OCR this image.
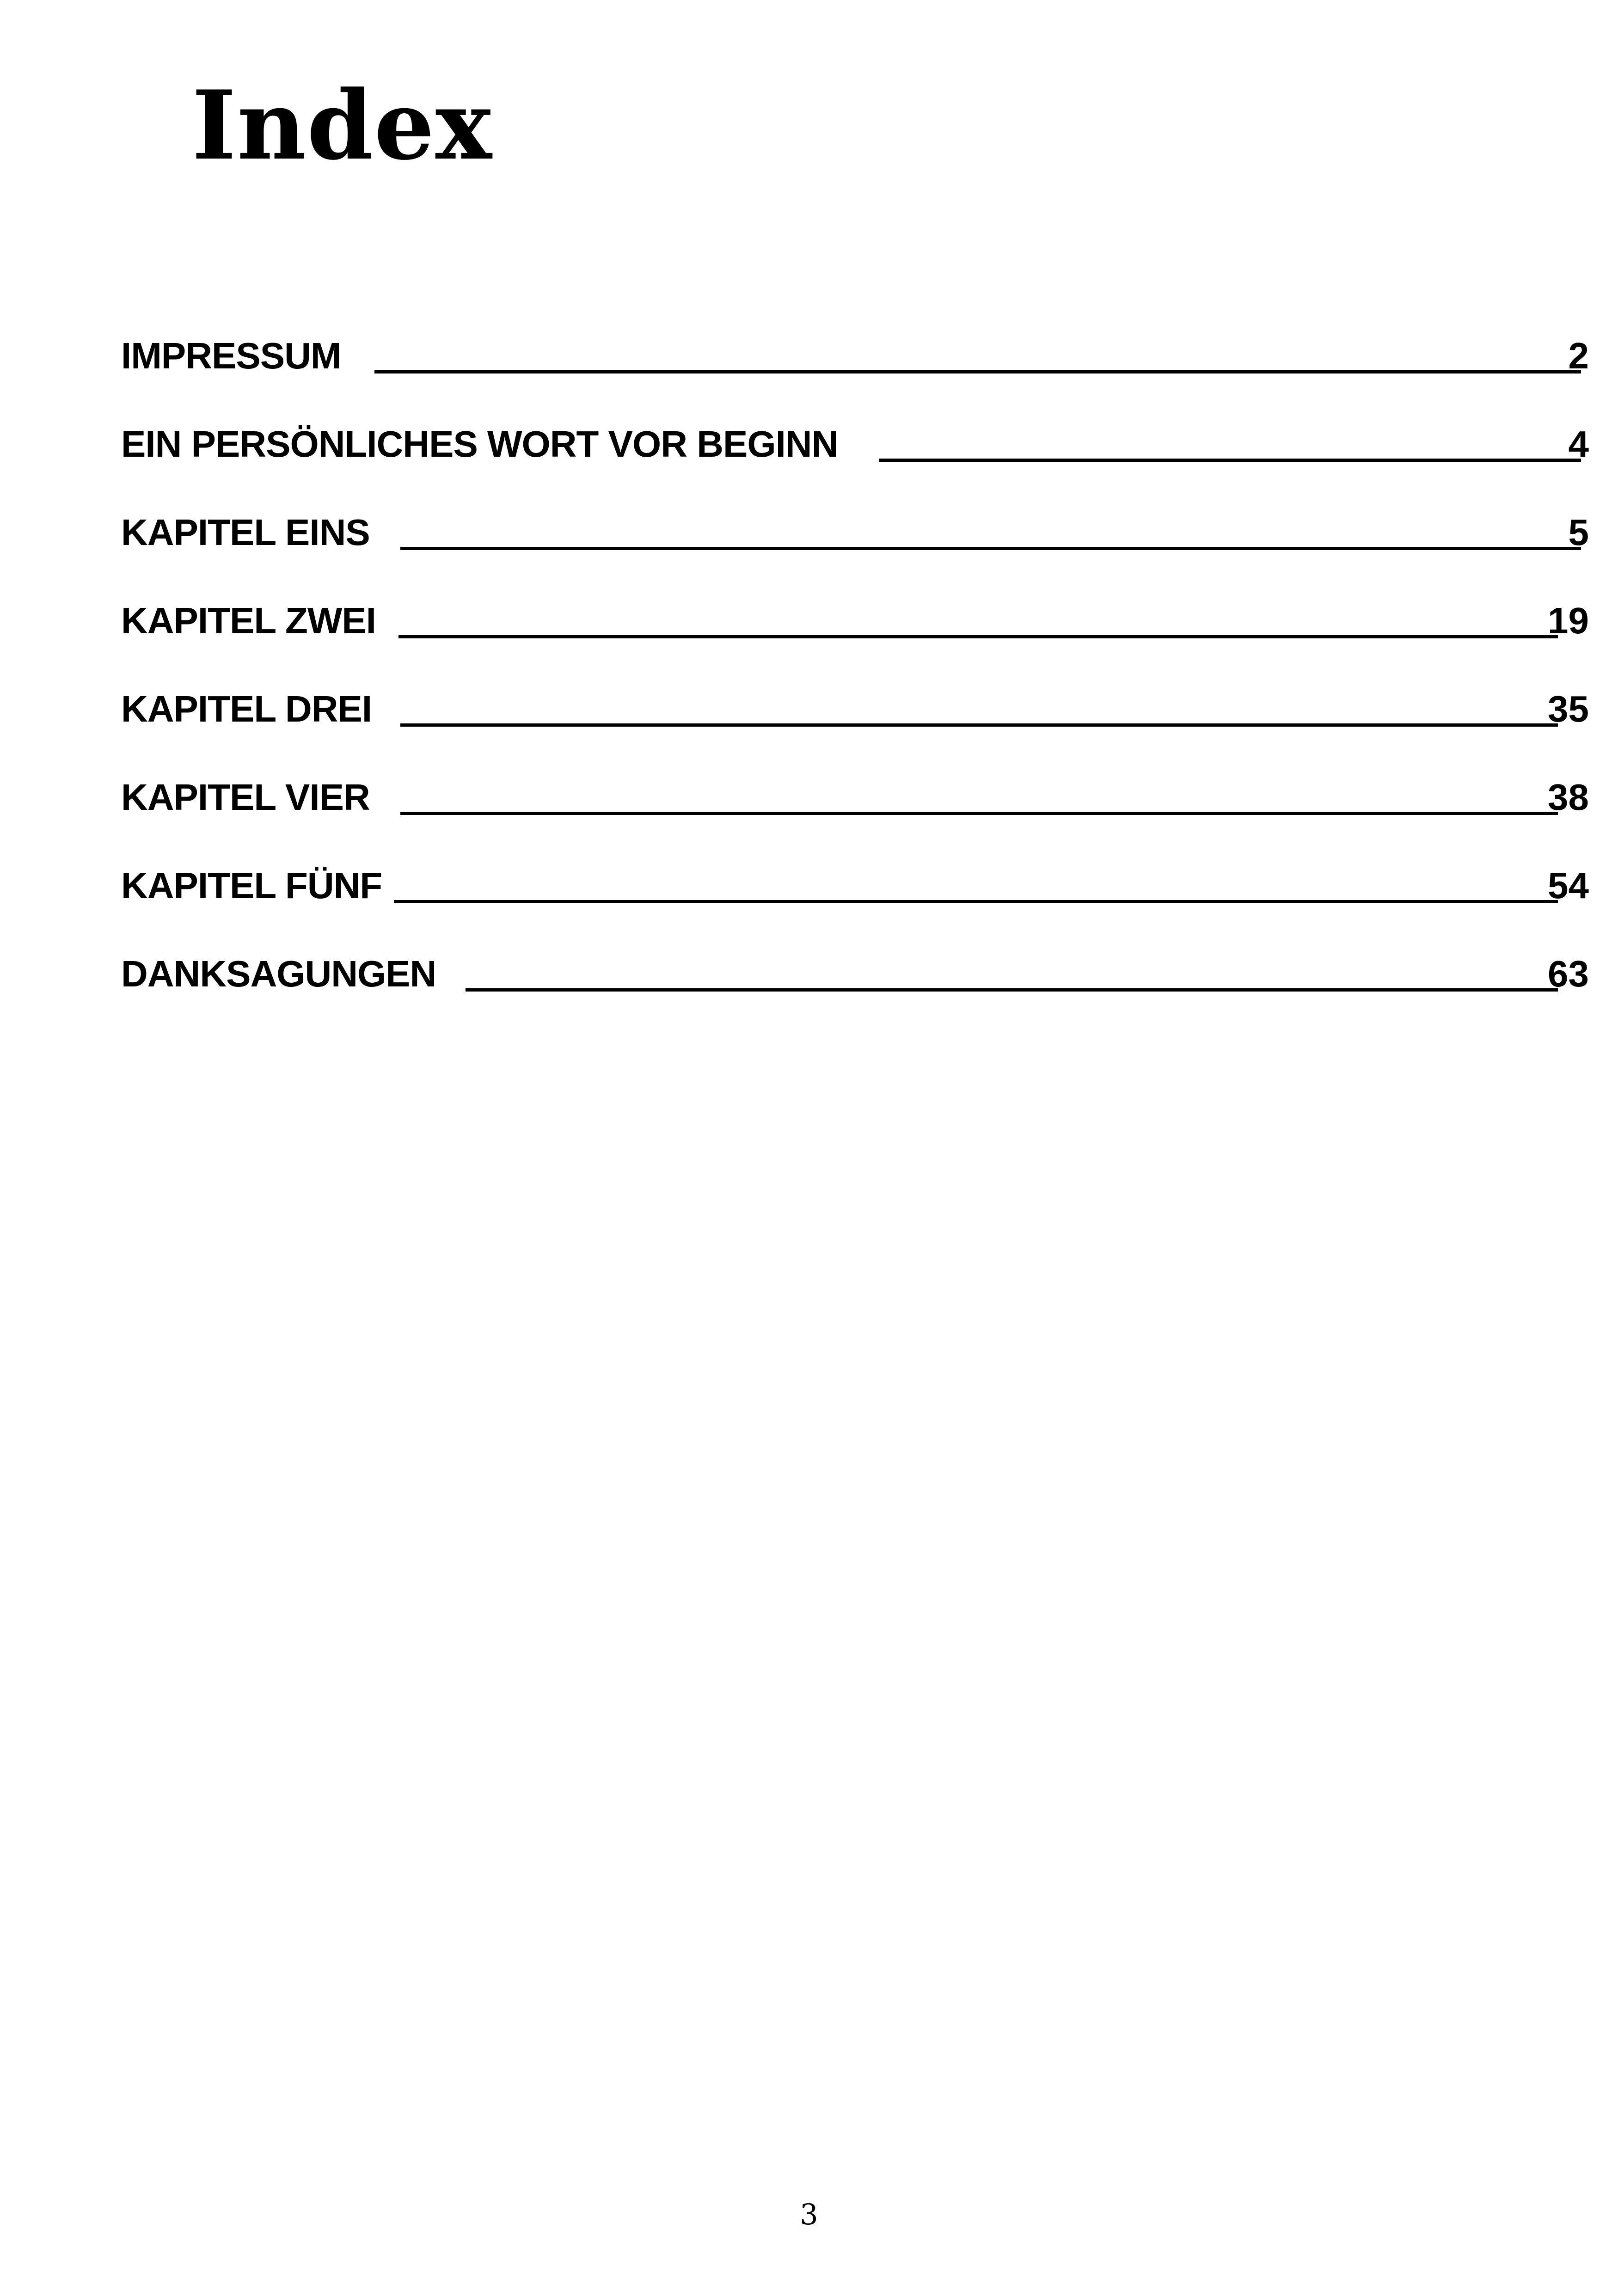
Index
IMPRESSUM	2
EIN PERSÖNLICHES WORT VOR BEGINN	4
KAPITEL EINS	5
KAPITEL ZWEI	19
KAPITEL DREI	35
KAPITEL VIER	38
KAPITEL FÜNF	54
DANKSAGUNGEN	63
3
